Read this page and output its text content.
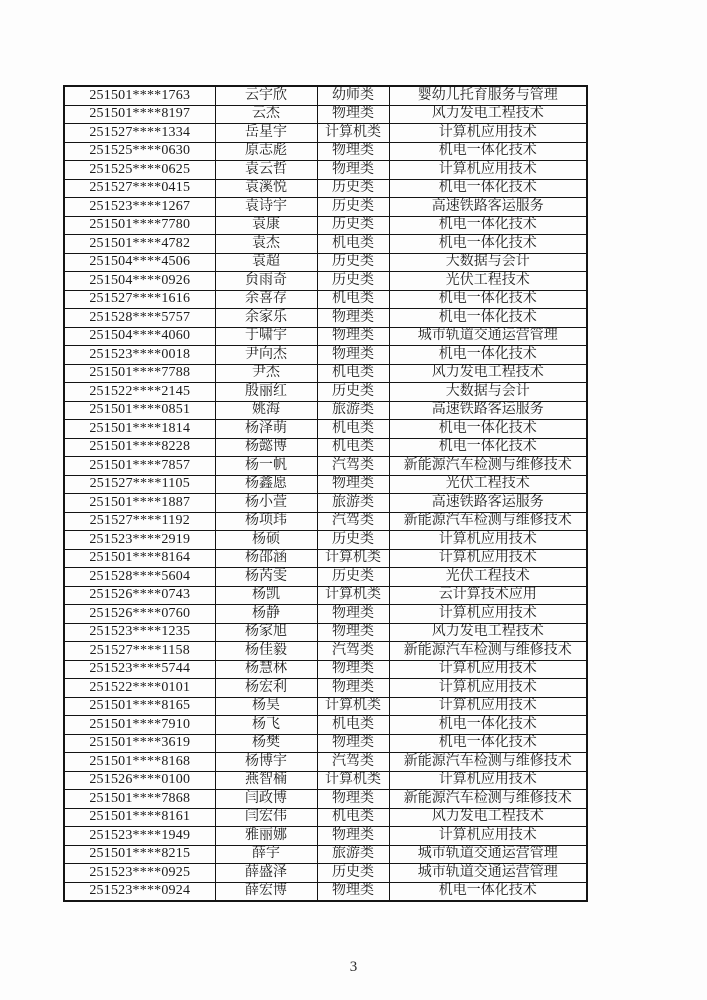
251501****1763	云宇欣	幼师类	婴幼儿托育服务与管理
251501****8197	云杰	物理类	风力发电工程技术
251527****1334	岳星宇	计算机类	计算机应用技术
251525****0630	原志彪	物理类	机电一体化技术
251525****0625	袁云哲	物理类	计算机应用技术
251527****0415	袁溪悦	历史类	机电一体化技术
251523****1267	袁诗宇	历史类	高速铁路客运服务
251501****7780	袁康	历史类	机电一体化技术
251501****4782	袁杰	机电类	机电一体化技术
251504****4506	袁超	历史类	大数据与会计
251504****0926	贠雨奇	历史类	光伏工程技术
251527****1616	余喜存	机电类	机电一体化技术
251528****5757	余家乐	物理类	机电一体化技术
251504****4060	于啸宇	物理类	城市轨道交通运营管理
251523****0018	尹向杰	物理类	机电一体化技术
251501****7788	尹杰	机电类	风力发电工程技术
251522****2145	殷丽红	历史类	大数据与会计
251501****0851	姚海	旅游类	高速铁路客运服务
251501****1814	杨泽萌	机电类	机电一体化技术
251501****8228	杨懿博	机电类	机电一体化技术
251501****7857	杨一帆	汽驾类	新能源汽车检测与维修技术
251527****1105	杨鑫愿	物理类	光伏工程技术
251501****1887	杨小萱	旅游类	高速铁路客运服务
251527****1192	杨项玮	汽驾类	新能源汽车检测与维修技术
251523****2919	杨硕	历史类	计算机应用技术
251501****8164	杨邵涵	计算机类	计算机应用技术
251528****5604	杨芮雯	历史类	光伏工程技术
251526****0743	杨凯	计算机类	云计算技术应用
251526****0760	杨静	物理类	计算机应用技术
251523****1235	杨家旭	物理类	风力发电工程技术
251527****1158	杨佳毅	汽驾类	新能源汽车检测与维修技术
251523****5744	杨慧林	物理类	计算机应用技术
251522****0101	杨宏利	物理类	计算机应用技术
251501****8165	杨昊	计算机类	计算机应用技术
251501****7910	杨飞	机电类	机电一体化技术
251501****3619	杨樊	物理类	机电一体化技术
251501****8168	杨博宇	汽驾类	新能源汽车检测与维修技术
251526****0100	燕智楠	计算机类	计算机应用技术
251501****7868	闫政博	物理类	新能源汽车检测与维修技术
251501****8161	闫宏伟	机电类	风力发电工程技术
251523****1949	雅丽娜	物理类	计算机应用技术
251501****8215	薛宇	旅游类	城市轨道交通运营管理
251523****0925	薛盛泽	历史类	城市轨道交通运营管理
251523****0924	薛宏博	物理类	机电一体化技术
3
